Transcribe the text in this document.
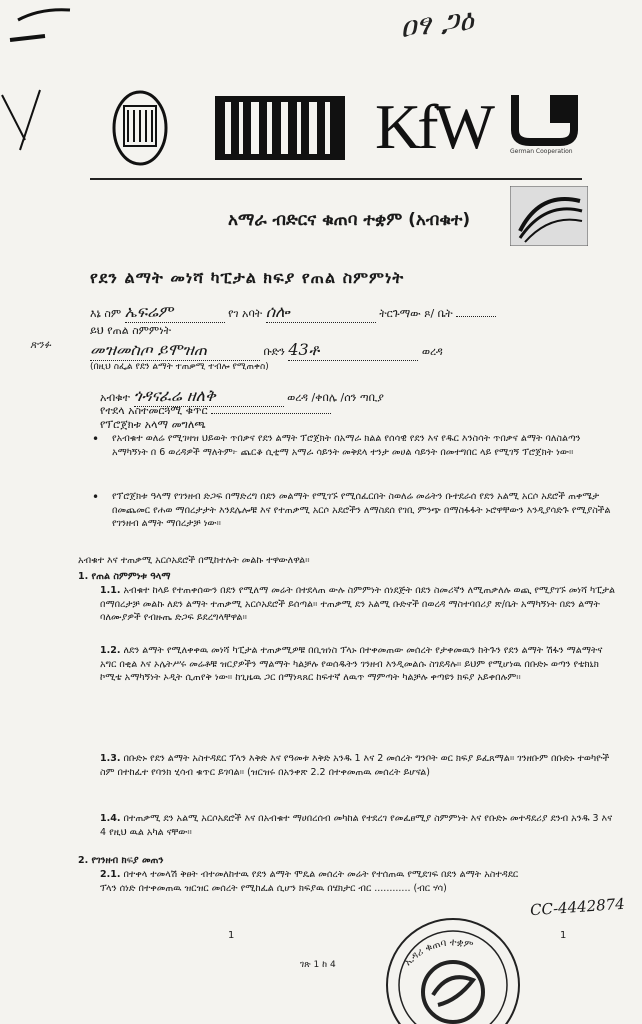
ዐፃ ጋዕ
KfW	German Cooperation
አማራ ብድርና ቁጠባ ተቋም (አብቁተ)
የደን ልማት መነሻ ካፒታል ክፍያ የጠል ስምምነት
እኔ ስም ኤፍሬም	የገ አባት ሰሎ	ትርጉማው ጾ/ ቤት
ይህ የጠል ስምምነት
ጽንፉ መዝመስጦ ይሞዝጠ	ቡድን 43ቶ	ወረዳ
(በዚህ ስፌል የደን ልማት ተጠቃሚ ተብሎ የሚጠቀስ)
አብቁተ ጎዳናፈሬ ዘለቅ	ወረዳ /ቀበሌ /ሰን ጣቢያ
የተደላ አስተመርጓሚ ቁጥር
የፕሮጀክቱ አላማ መግለጫ
• የአብቁተ ወለሬ የሚገዛዝ ህይወት ጥበቃና የደን ልማት ፕሮጀክት በአማራ ክልል የሰሳዊ የደን እና የዱር እንስሳት ጥበቃና ልማት ባለስልጣን አማካኝነት በ 6 ወረዳዎች ማለትም፦ ጨርቆ ሲቲማ አማራ ሳይንት መቅደላ ተንታ መሀል ሳይንት በመተግበር ላይ የሚገኝ ፕሮጀክት ነው።
• የፕሮጀክቱ ዓላማ የገንዘብ ድጋፍ በማድረግ በደን መልማት የሚገኙ የሚሰፈርበት ስወለሬ መሬትን ቡተደራሰ የደን አልሚ አርሶ አደሮች ጠቀሜታ በመጨመር የሐወ ማበረታታት እንደሌሎቹ እና የተጠቃሚ አርሶ አደሮችን ለማስደሰ የገቢ ምንጭ በማስፋፋት ኑሮዋቸውን እንዲያሳድጉ የሚያስችል የገንዘብ ልማት ማበረታቻ ነው።
አብቁተ እና ተጠቃሚ አርሶአደሮች በሚከተሉት መልኩ ተዋውለዋል።
1. የጠል ስምምነቱ ዓላማ
1.1. አብቁተ ከላይ የተጠቀሰውን በደን የሚለማ መሬት በተደላጠ ውሉ ስምምነት ሰነደጅት በደን ስመሪኛን ለሚጠቃለሉ ወጪ የሚያገኙ መነሻ ካፒታል በማበረታቻ መልኩ ለደን ልማት ተጠቃሚ አርሶአደሮች ይሰጣል። ተጠቃሚ ደን አልሚ ቡድኖች በወረዳ ማስተባበሪያ ጽ/ቤት አማካኝነት በደን ልማት ባለሙያዎች የብዙጤ ድጋፍ ይደረግላቸዋል።
1.2. ለደን ልማት የሚለቀቀዉ መነሻ ካፒታል ተጠቃሚዎቹ በቢዝነስ ፕላኑ በተቀመጠው መሰረት የታቀመዉን ከትጉን የደን ልማት ሽፋን ማልማትና አግር በቂል እና ኦሌትሥሩ መሬቶቹ ዝርያዎችን ማልማት ካልቻሉ የወሰዱትን ገንዘብ እንዲመልሱ ስገደዳሉ። ይህም የሚሆነዉ በቡድኑ ወጣን የቴክኒክ ኮሚቴ አማካኝነት ኦዲት ሲጠየቅ ነው። ከጊዜዉ ጋር በማነጻጸር ከፍተኛ ለዉጥ ማምጣት ካልቻሉ ቀጣዩን ክፍያ አይቀበሉም።
1.3. በቡድኑ የደን ልማት አስተዳደር ፕላን እቅድ እና የዓመቱ እቅድ አንዱ 1 እና 2 መሰረት ግንቦት ወር ክፍያ ይፈጸማል። ገንዘቡም በቡድኑ ተወካዮች ስም በተከፈተ የባንክ ሂሳብ ቁጥር ይገባል። (ዝርዝሩ በአንቀጽ 2.2 በተቀመጠዉ መሰረት ይሆናል)
1.4. በተጠቃሚ ደን አልሚ አርሶአደሮች እና በአብቁተ ማሀበረሰብ መካከል የተደረገ የመፈፀሚያ ስምምነት እና የቡድኑ መተዳደሪያ ደንብ አንዱ 3 እና 4 የዚህ ዉል አካል ናቸው።
2. የገንዘብ ክፍያ መጠን
2.1. በተቀላ ተመላሽ ቅፀት ብተመለከተዉ የደን ልማት ሞዴል መሰረት መሬት የተሰጠዉ የሚደገፍ በደን ልማት አስተዳደር ፕላን ሰነድ በተቀመጠዉ ዝርዝር መሰረት የሚከፈል ሲሆን ክፍያዉ በሄክታር ብር ............ (ብር ሃሳ)
CC-4442874
1	1
ገጽ 1 ከ 4	ኢዳሪ ቁጠባ ተቋም
